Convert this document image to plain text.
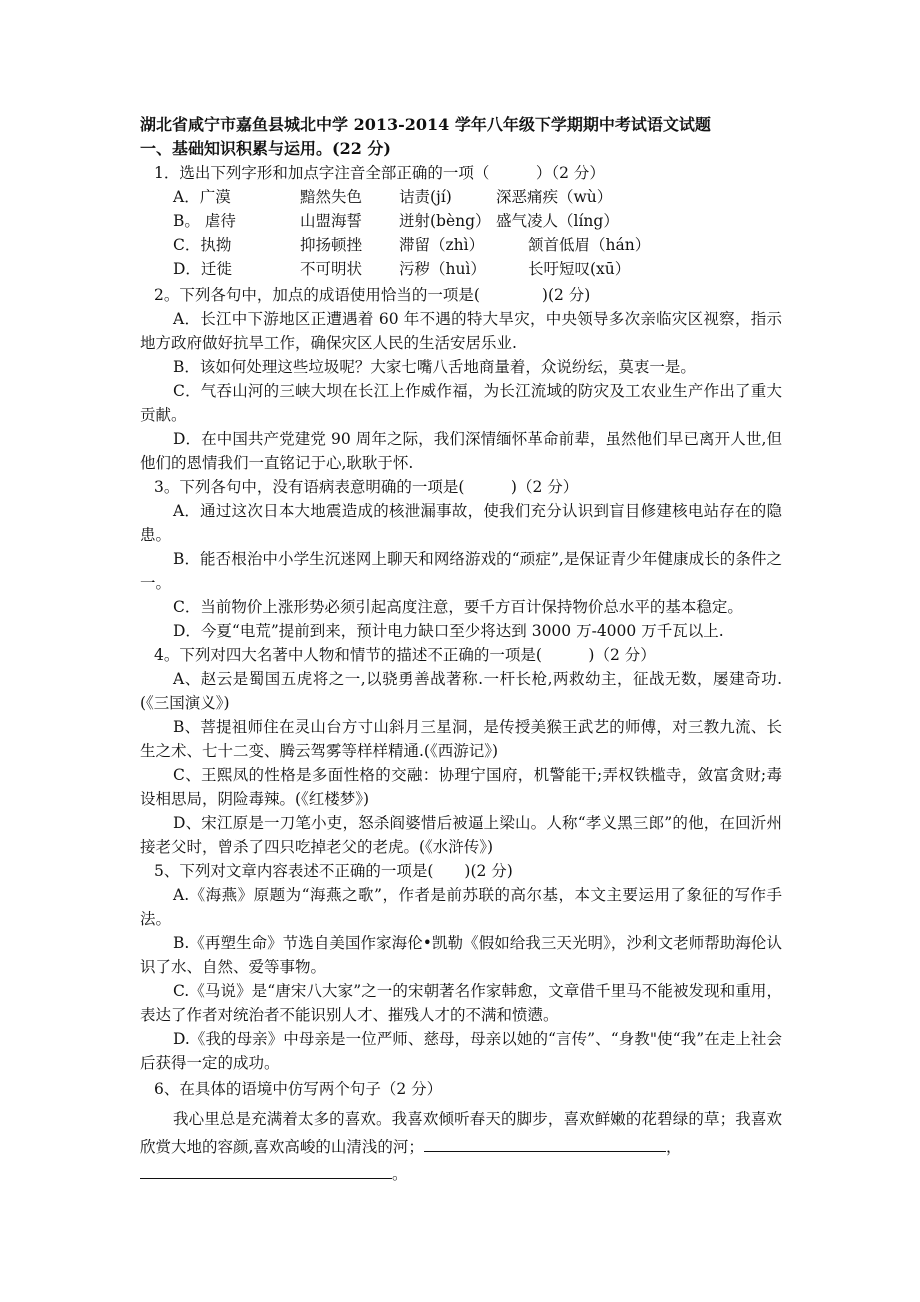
湖北省咸宁市嘉鱼县城北中学 2013-2014 学年八年级下学期期中考试语文试题
一、基础知识积累与运用。(22 分)
1．选出下列字形和加点字注音全部正确的一项（　　　）（2 分）
A．广漠	黯然失色 诘责(jí)	深恶痛疾（wù）
B。 虐待	山盟海誓 迸射(bèng） 盛气凌人（líng）
C．执拗	抑扬顿挫 滞留（zhì）	颔首低眉（hán）
D．迁徙	不可明状 污秽（huì）	长吁短叹(xū）
2。下列各句中，加点的成语使用恰当的一项是(　　　　)(2 分)
A．长江中下游地区正遭遇着 60 年不遇的特大旱灾，中央领导多次亲临灾区视察，指示地方政府做好抗旱工作，确保灾区人民的生活安居乐业.
B．该如何处理这些垃圾呢？大家七嘴八舌地商量着，众说纷纭，莫衷一是。
C．气吞山河的三峡大坝在长江上作威作福，为长江流域的防灾及工农业生产作出了重大贡献。
D．在中国共产党建党 90 周年之际，我们深情缅怀革命前辈，虽然他们早已离开人世,但他们的恩情我们一直铭记于心,耿耿于怀.
3。下列各句中，没有语病表意明确的一项是(　　　)（2 分）
A．通过这次日本大地震造成的核泄漏事故，使我们充分认识到盲目修建核电站存在的隐患。
B．能否根治中小学生沉迷网上聊天和网络游戏的“顽症”,是保证青少年健康成长的条件之一。
C．当前物价上涨形势必须引起高度注意，要千方百计保持物价总水平的基本稳定。
D．今夏“电荒”提前到来，预计电力缺口至少将达到 3000 万-4000 万千瓦以上.
4。下列对四大名著中人物和情节的描述不正确的一项是(　　　)（2 分）
A、赵云是蜀国五虎将之一,以骁勇善战著称.一杆长枪,两救幼主，征战无数，屡建奇功.(《三国演义》)
B、菩提祖师住在灵山台方寸山斜月三星洞，是传授美猴王武艺的师傅，对三教九流、长生之术、七十二变、腾云驾雾等样样精通.(《西游记》)
C、王熙凤的性格是多面性格的交融：协理宁国府，机警能干;弄权铁槛寺，敛富贪财;毒设相思局，阴险毒辣。(《红楼梦》)
D、宋江原是一刀笔小吏，怒杀阎婆惜后被逼上梁山。人称“孝义黑三郎”的他，在回沂州接老父时，曾杀了四只吃掉老父的老虎。(《水浒传》)
5、下列对文章内容表述不正确的一项是(　　)(2 分)
A.《海燕》原题为“海燕之歌”，作者是前苏联的高尔基，本文主要运用了象征的写作手法。
B.《再塑生命》节选自美国作家海伦•凯勒《假如给我三天光明》，沙利文老师帮助海伦认识了水、自然、爱等事物。
C.《马说》是“唐宋八大家”之一的宋朝著名作家韩愈，文章借千里马不能被发现和重用，表达了作者对统治者不能识别人才、摧残人才的不满和愤懑。
D.《我的母亲》中母亲是一位严师、慈母，母亲以她的“言传”、“身教"使“我”在走上社会后获得一定的成功。
6、在具体的语境中仿写两个句子（2 分）
我心里总是充满着太多的喜欢。我喜欢倾听春天的脚步，喜欢鲜嫩的花碧绿的草；我喜欢欣赏大地的容颜,喜欢高峻的山清浅的河；	，
。
